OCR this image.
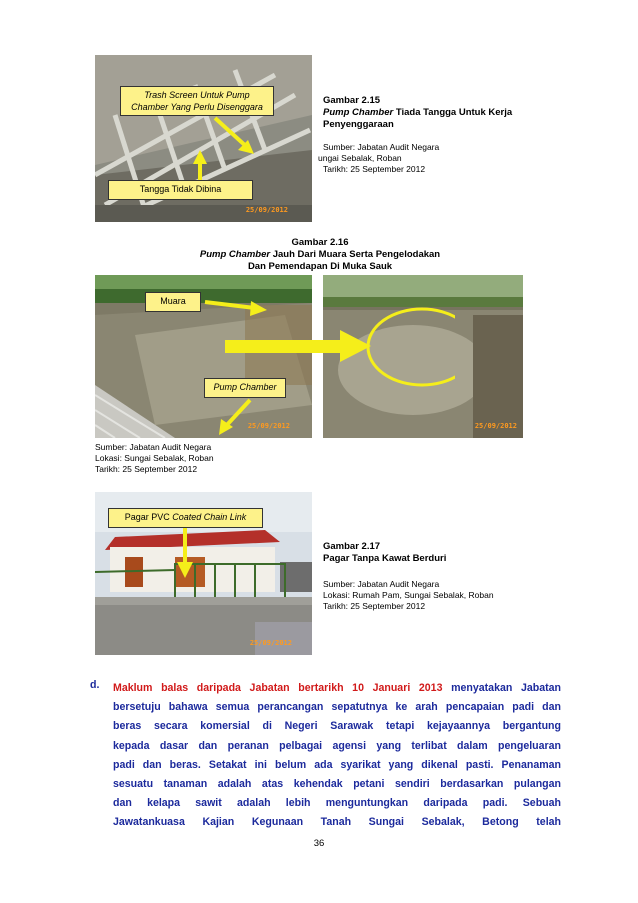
25/09/2012
Trash Screen Untuk Pump
Chamber Yang Perlu Disenggara
Tangga Tidak Dibina
Gambar 2.15
Pump Chamber Tiada Tangga Untuk Kerja
Penyenggaraan
Sumber: Jabatan Audit Negara
ungai Sebalak, Roban
Tarikh: 25 September 2012
Gambar 2.16
Pump Chamber Jauh Dari Muara Serta Pengelodakan
Dan Pemendapan Di Muka Sauk
25/09/2012	25/09/2012
Muara
Pump Chamber
Sumber: Jabatan Audit Negara
Lokasi: Sungai Sebalak, Roban
Tarikh: 25 September 2012
25/09/2012
Pagar PVC Coated Chain Link
Gambar 2.17
Pagar Tanpa Kawat Berduri
Sumber: Jabatan Audit Negara
Lokasi: Rumah Pam, Sungai Sebalak, Roban
Tarikh: 25 September 2012
d. Maklum balas daripada Jabatan bertarikh 10 Januari 2013 menyatakan Jabatan
bersetuju bahawa semua perancangan sepatutnya ke arah pencapaian padi dan
beras secara komersial di Negeri Sarawak tetapi kejayaannya bergantung
kepada dasar dan peranan pelbagai agensi yang terlibat dalam pengeluaran
padi dan beras. Setakat ini belum ada syarikat yang dikenal pasti. Penanaman
sesuatu tanaman adalah atas kehendak petani sendiri berdasarkan pulangan
dan kelapa sawit adalah lebih menguntungkan daripada padi. Sebuah
Jawatankuasa Kajian Kegunaan Tanah Sungai Sebalak, Betong telah
36
